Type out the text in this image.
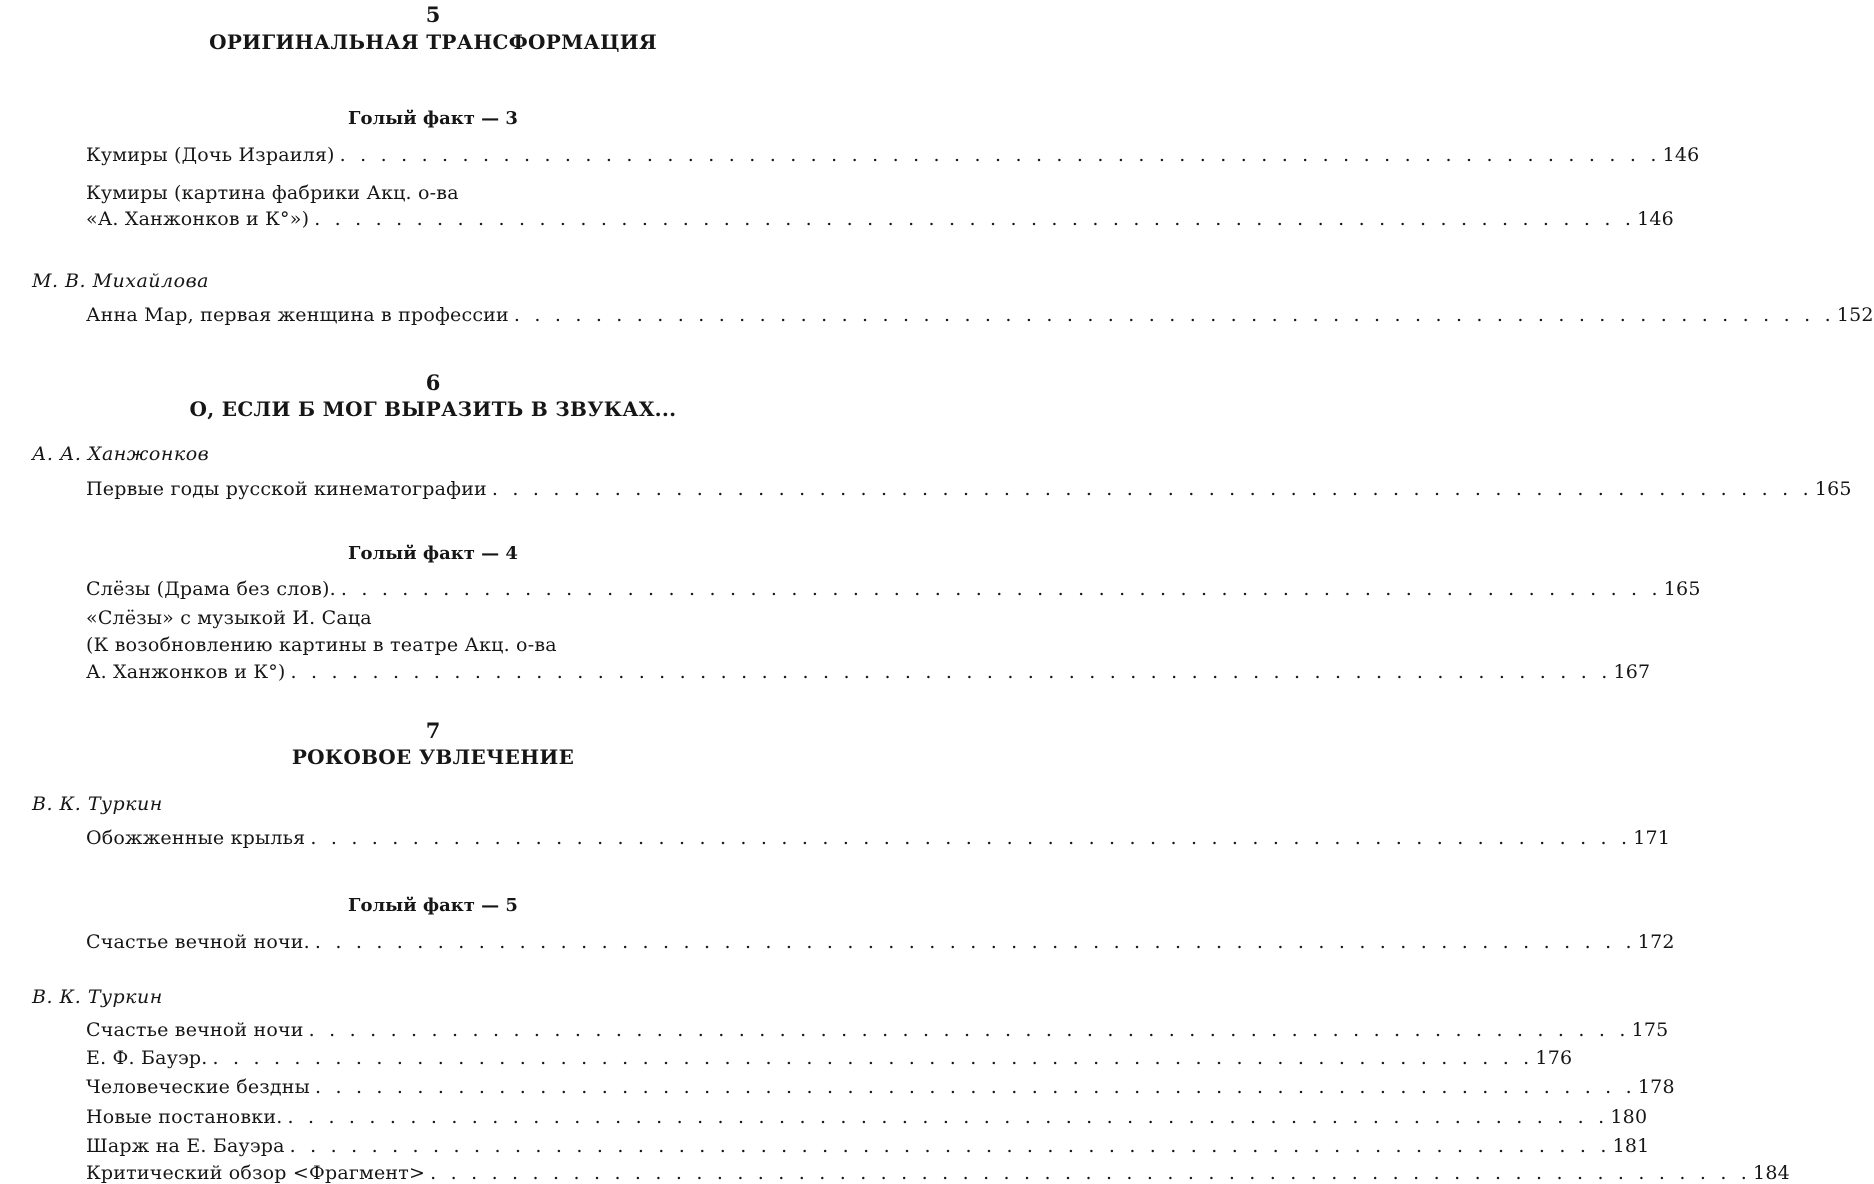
5
ОРИГИНАЛЬНАЯ ТРАНСФОРМАЦИЯ
Голый факт — 3
Кумиры (Дочь Израиля) . . . . . . . . . . . . . . . . . . . . . . . . . . . . . . . . . . . . . . . . . . . . . . . . . . . . . . . . . . . . . . . . . 146
Кумиры (картина фабрики Акц. о-ва
«А. Ханжонков и К°») . . . . . . . . . . . . . . . . . . . . . . . . . . . . . . . . . . . . . . . . . . . . . . . . . . . . . . . . . . . . . . . . . 146
М. В. Михайлова
Анна Мар, первая женщина в профессии . . . . . . . . . . . . . . . . . . . . . . . . . . . . . . . . . . . . . . . . . . . . . . . . . . . . . . . . . . . . . . . . . 152
6
О, ЕСЛИ Б МОГ ВЫРАЗИТЬ В ЗВУКАХ...
А. А. Ханжонков
Первые годы русской кинематографии . . . . . . . . . . . . . . . . . . . . . . . . . . . . . . . . . . . . . . . . . . . . . . . . . . . . . . . . . . . . . . . . . 165
Голый факт — 4
Слёзы (Драма без слов). . . . . . . . . . . . . . . . . . . . . . . . . . . . . . . . . . . . . . . . . . . . . . . . . . . . . . . . . . . . . . . . . . 165
«Слёзы» с музыкой И. Саца
(К возобновлению картины в театре Акц. о-ва
А. Ханжонков и К°) . . . . . . . . . . . . . . . . . . . . . . . . . . . . . . . . . . . . . . . . . . . . . . . . . . . . . . . . . . . . . . . . . 167
7
РОКОВОЕ УВЛЕЧЕНИЕ
В. К. Туркин
Обожженные крылья . . . . . . . . . . . . . . . . . . . . . . . . . . . . . . . . . . . . . . . . . . . . . . . . . . . . . . . . . . . . . . . . . 171
Голый факт — 5
Счастье вечной ночи. . . . . . . . . . . . . . . . . . . . . . . . . . . . . . . . . . . . . . . . . . . . . . . . . . . . . . . . . . . . . . . . . . 172
В. К. Туркин
Счастье вечной ночи . . . . . . . . . . . . . . . . . . . . . . . . . . . . . . . . . . . . . . . . . . . . . . . . . . . . . . . . . . . . . . . . . 175
Е. Ф. Бауэр. . . . . . . . . . . . . . . . . . . . . . . . . . . . . . . . . . . . . . . . . . . . . . . . . . . . . . . . . . . . . . . . . . 176
Человеческие бездны . . . . . . . . . . . . . . . . . . . . . . . . . . . . . . . . . . . . . . . . . . . . . . . . . . . . . . . . . . . . . . . . . 178
Новые постановки. . . . . . . . . . . . . . . . . . . . . . . . . . . . . . . . . . . . . . . . . . . . . . . . . . . . . . . . . . . . . . . . . . 180
Шарж на Е. Бауэра . . . . . . . . . . . . . . . . . . . . . . . . . . . . . . . . . . . . . . . . . . . . . . . . . . . . . . . . . . . . . . . . . 181
Критический обзор <Фрагмент> . . . . . . . . . . . . . . . . . . . . . . . . . . . . . . . . . . . . . . . . . . . . . . . . . . . . . . . . . . . . . . . . . 184
